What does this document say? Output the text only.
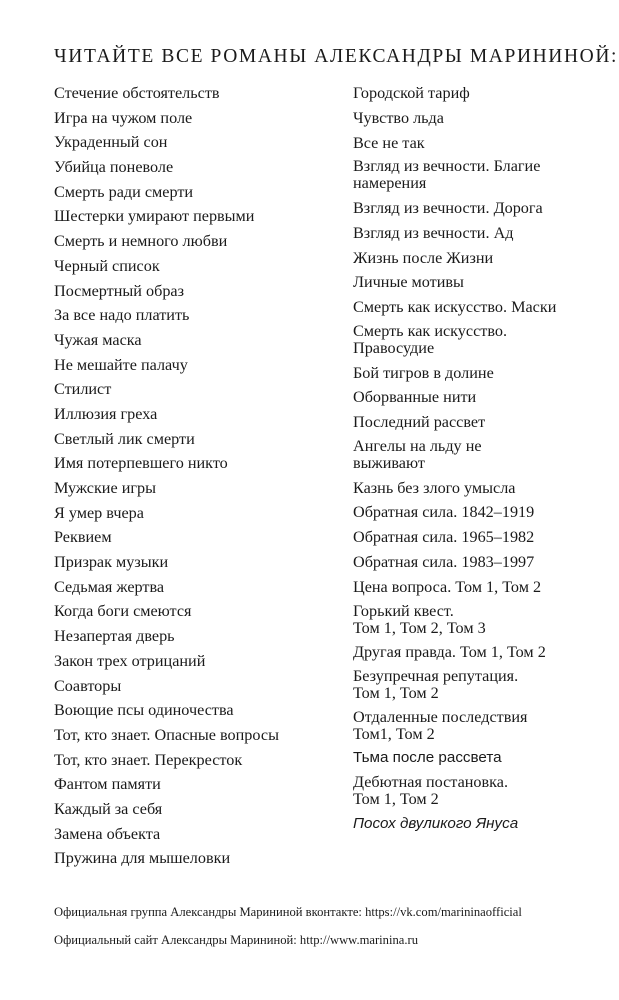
ЧИТАЙТЕ ВСЕ РОМАНЫ АЛЕКСАНДРЫ МАРИНИНОЙ:
Стечение обстоятельств
Игра на чужом поле
Украденный сон
Убийца поневоле
Смерть ради смерти
Шестерки умирают первыми
Смерть и немного любви
Черный список
Посмертный образ
За все надо платить
Чужая маска
Не мешайте палачу
Стилист
Иллюзия греха
Светлый лик смерти
Имя потерпевшего никто
Мужские игры
Я умер вчера
Реквием
Призрак музыки
Седьмая жертва
Когда боги смеются
Незапертая дверь
Закон трех отрицаний
Соавторы
Воющие псы одиночества
Тот, кто знает. Опасные вопросы
Тот, кто знает. Перекресток
Фантом памяти
Каждый за себя
Замена объекта
Пружина для мышеловки
Городской тариф
Чувство льда
Все не так
Взгляд из вечности. Благие
намерения
Взгляд из вечности. Дорога
Взгляд из вечности. Ад
Жизнь после Жизни
Личные мотивы
Смерть как искусство. Маски
Смерть как искусство.
Правосудие
Бой тигров в долине
Оборванные нити
Последний рассвет
Ангелы на льду не
выживают
Казнь без злого умысла
Обратная сила. 1842–1919
Обратная сила. 1965–1982
Обратная сила. 1983–1997
Цена вопроса. Том 1, Том 2
Горький квест.
Том 1, Том 2, Том 3
Другая правда. Том 1, Том 2
Безупречная репутация.
Том 1, Том 2
Отдаленные последствия
Том1, Том 2
Тьма после рассвета
Дебютная постановка.
Том 1, Том 2
Посох двуликого Януса
Официальная группа Александры Марининой вконтакте: https://vk.com/marininaofficial
Официальный сайт Александры Марининой: http://www.marinina.ru
